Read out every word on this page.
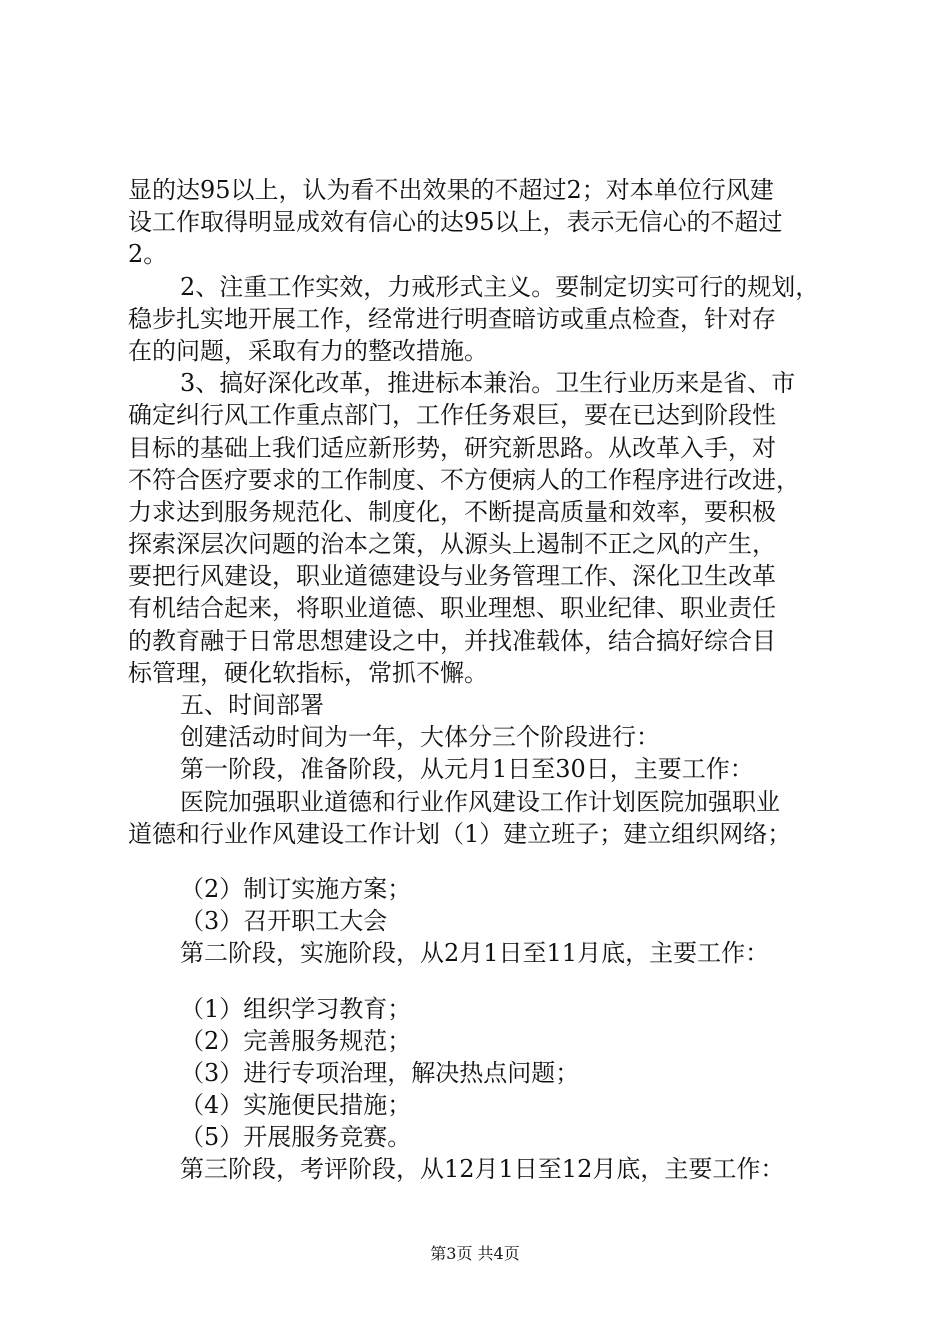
显的达95以上，认为看不出效果的不超过2；对本单位行风建
设工作取得明显成效有信心的达95以上，表示无信心的不超过
2。
2、注重工作实效，力戒形式主义。要制定切实可行的规划，
稳步扎实地开展工作，经常进行明查暗访或重点检查，针对存
在的问题，采取有力的整改措施。
3、搞好深化改革，推进标本兼治。卫生行业历来是省、市
确定纠行风工作重点部门，工作任务艰巨，要在已达到阶段性
目标的基础上我们适应新形势，研究新思路。从改革入手，对
不符合医疗要求的工作制度、不方便病人的工作程序进行改进，
力求达到服务规范化、制度化，不断提高质量和效率，要积极
探索深层次问题的治本之策，从源头上遏制不正之风的产生，
要把行风建设，职业道德建设与业务管理工作、深化卫生改革
有机结合起来，将职业道德、职业理想、职业纪律、职业责任
的教育融于日常思想建设之中，并找准载体，结合搞好综合目
标管理，硬化软指标，常抓不懈。
五、时间部署
创建活动时间为一年，大体分三个阶段进行：
第一阶段，准备阶段，从元月1日至30日，主要工作：
医院加强职业道德和行业作风建设工作计划医院加强职业
道德和行业作风建设工作计划（1）建立班子；建立组织网络；
（2）制订实施方案；
（3）召开职工大会
第二阶段，实施阶段，从2月1日至11月底，主要工作：
（1）组织学习教育；
（2）完善服务规范；
（3）进行专项治理，解决热点问题；
（4）实施便民措施；
（5）开展服务竞赛。
第三阶段，考评阶段，从12月1日至12月底，主要工作：
第3页 共4页
